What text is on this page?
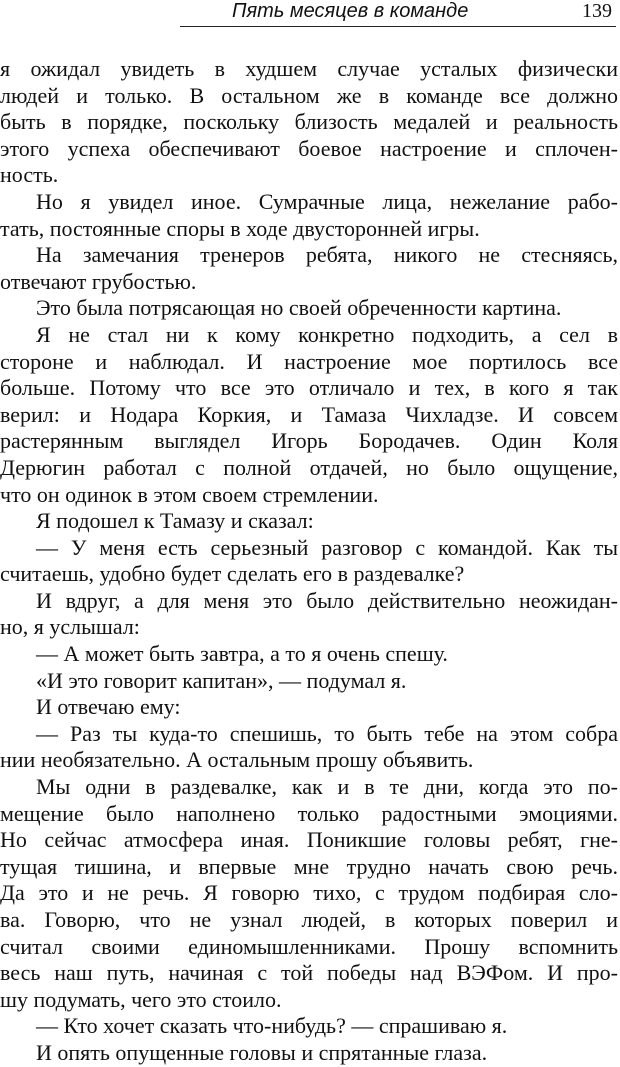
Пять месяцев в команде	139
я ожидал увидеть в худшем случае усталых физически
людей и только. В остальном же в команде все должно
быть в порядке, поскольку близость медалей и реальность
этого успеха обеспечивают боевое настроение и сплочен-
ность.
Но я увидел иное. Сумрачные лица, нежелание рабо-
тать, постоянные споры в ходе двусторонней игры.
На замечания тренеров ребята, никого не стесняясь,
отвечают грубостью.
Это была потрясающая но своей обреченности картина.
Я не стал ни к кому конкретно подходить, а сел в
стороне и наблюдал. И настроение мое портилось все
больше. Потому что все это отличало и тех, в кого я так
верил: и Нодара Коркия, и Тамаза Чихладзе. И совсем
растерянным выглядел Игорь Бородачев. Один Коля
Дерюгин работал с полной отдачей, но было ощущение,
что он одинок в этом своем стремлении.
Я подошел к Тамазу и сказал:
— У меня есть серьезный разговор с командой. Как ты
считаешь, удобно будет сделать его в раздевалке?
И вдруг, а для меня это было действительно неожидан-
но, я услышал:
— А может быть завтра, а то я очень спешу.
«И это говорит капитан», — подумал я.
И отвечаю ему:
— Раз ты куда-то спешишь, то быть тебе на этом собра
нии необязательно. А остальным прошу объявить.
Мы одни в раздевалке, как и в те дни, когда это по-
мещение было наполнено только радостными эмоциями.
Но сейчас атмосфера иная. Поникшие головы ребят, гне-
тущая тишина, и впервые мне трудно начать свою речь.
Да это и не речь. Я говорю тихо, с трудом подбирая сло-
ва. Говорю, что не узнал людей, в которых поверил и
считал своими единомышленниками. Прошу вспомнить
весь наш путь, начиная с той победы над ВЭФом. И про-
шу подумать, чего это стоило.
— Кто хочет сказать что-нибудь? — спрашиваю я.
И опять опущенные головы и спрятанные глаза.
